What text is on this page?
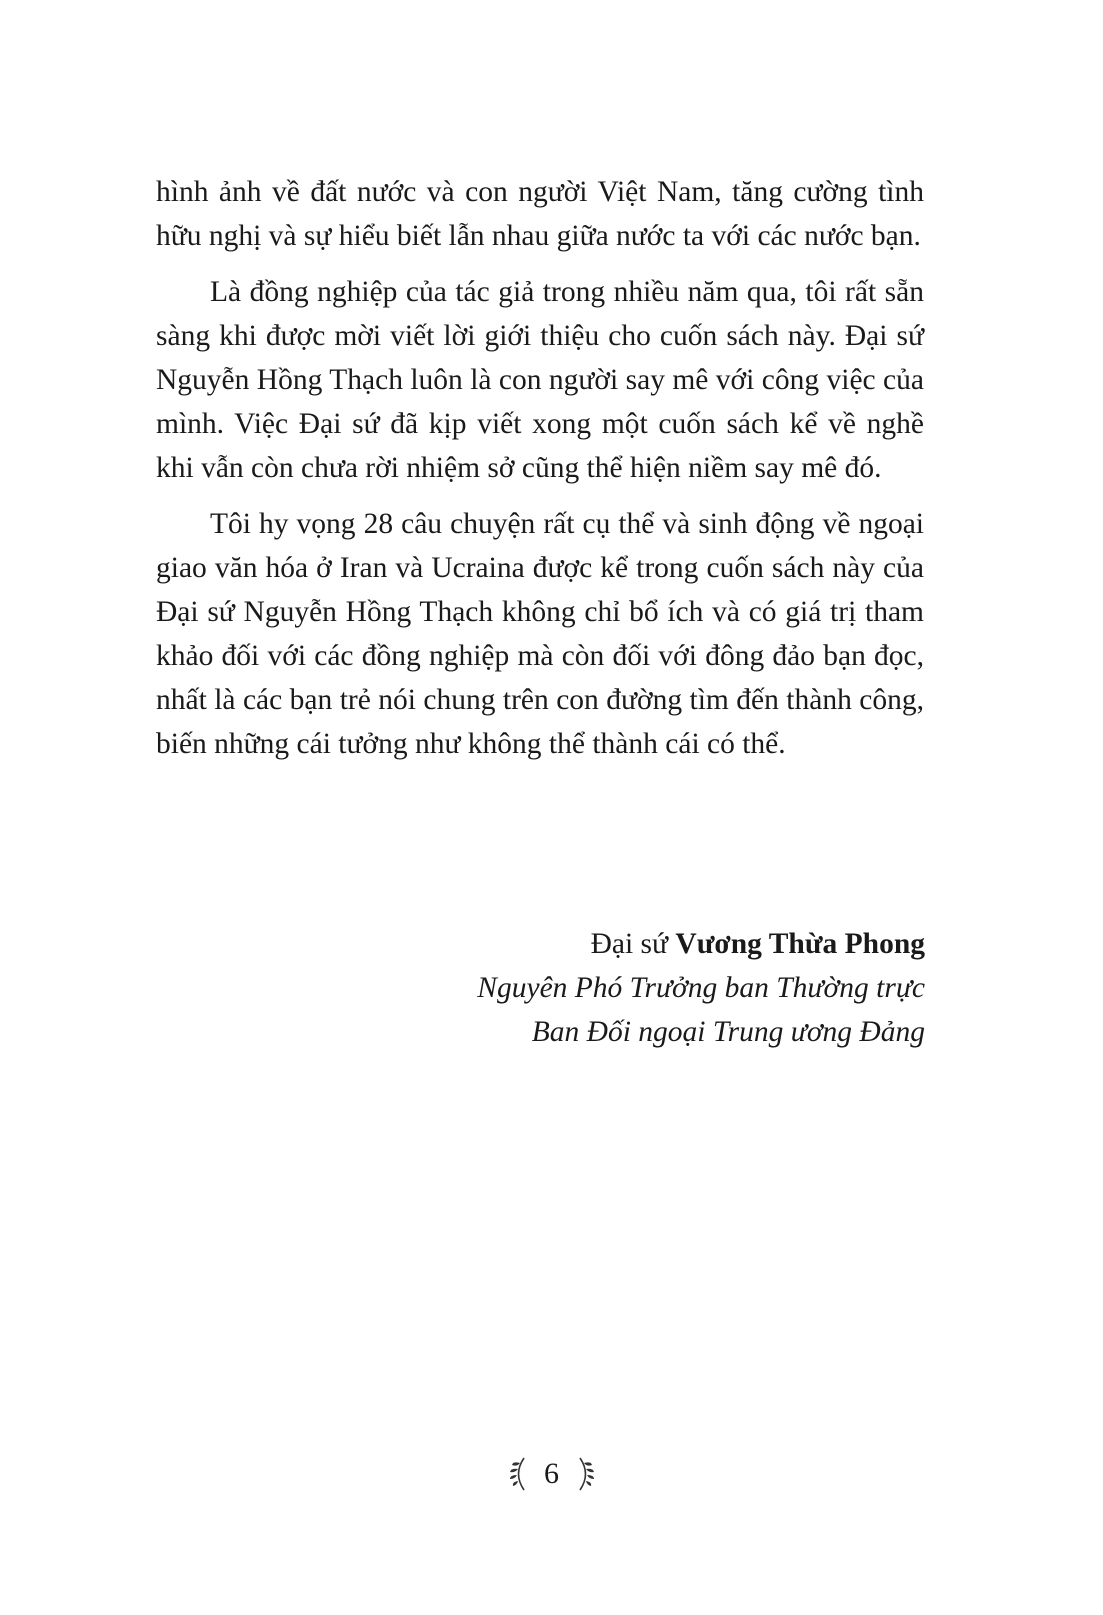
hình ảnh về đất nước và con người Việt Nam, tăng cường tình hữu nghị và sự hiểu biết lẫn nhau giữa nước ta với các nước bạn.

Là đồng nghiệp của tác giả trong nhiều năm qua, tôi rất sẵn sàng khi được mời viết lời giới thiệu cho cuốn sách này. Đại sứ Nguyễn Hồng Thạch luôn là con người say mê với công việc của mình. Việc Đại sứ đã kịp viết xong một cuốn sách kể về nghề khi vẫn còn chưa rời nhiệm sở cũng thể hiện niềm say mê đó.

Tôi hy vọng 28 câu chuyện rất cụ thể và sinh động về ngoại giao văn hóa ở Iran và Ucraina được kể trong cuốn sách này của Đại sứ Nguyễn Hồng Thạch không chỉ bổ ích và có giá trị tham khảo đối với các đồng nghiệp mà còn đối với đông đảo bạn đọc, nhất là các bạn trẻ nói chung trên con đường tìm đến thành công, biến những cái tưởng như không thể thành cái có thể.

Đại sứ Vương Thừa Phong
Nguyên Phó Trưởng ban Thường trực
Ban Đối ngoại Trung ương Đảng
6
